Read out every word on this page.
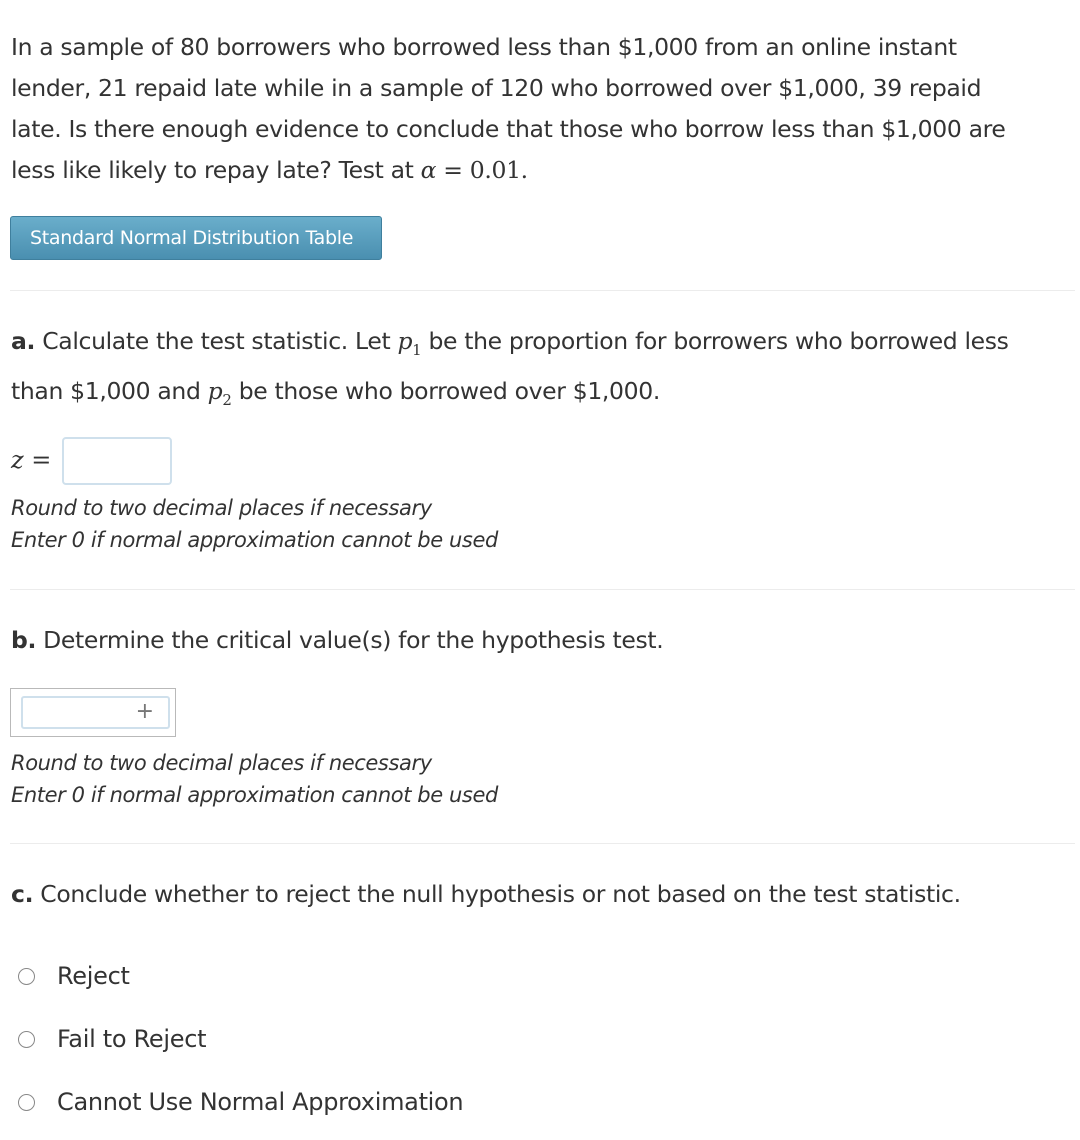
In a sample of 80 borrowers who borrowed less than $1,000 from an online instant
lender, 21 repaid late while in a sample of 120 who borrowed over $1,000, 39 repaid
late. Is there enough evidence to conclude that those who borrow less than $1,000 are
less like likely to repay late? Test at α = 0.01.
Standard Normal Distribution Table
a. Calculate the test statistic. Let $p_1$ be the proportion for borrowers who borrowed less
than $1,000 and $p_2$ be those who borrowed over $1,000.
z =
Round to two decimal places if necessary
Enter 0 if normal approximation cannot be used
b. Determine the critical value(s) for the hypothesis test.
+
Round to two decimal places if necessary
Enter 0 if normal approximation cannot be used
c. Conclude whether to reject the null hypothesis or not based on the test statistic.
Reject
Fail to Reject
Cannot Use Normal Approximation
